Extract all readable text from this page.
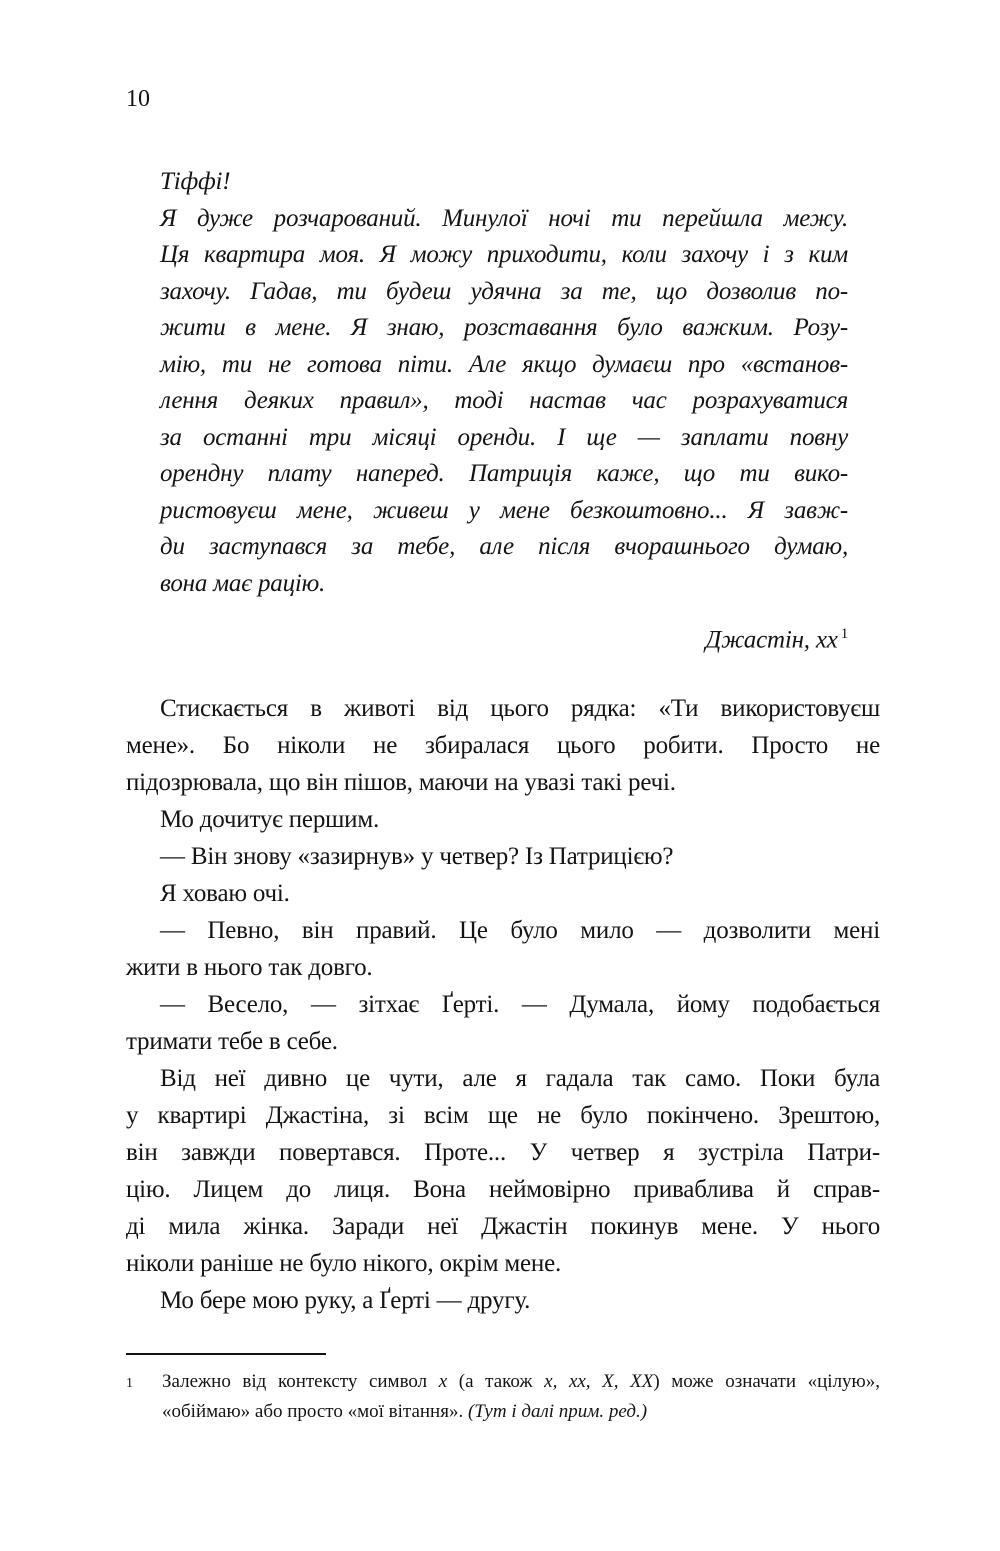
10
Тіффі!
Я дуже розчарований. Минулої ночі ти перейшла межу.
Ця квартира моя. Я можу приходити, коли захочу і з ким
захочу. Гадав, ти будеш удячна за те, що дозволив по-
жити в мене. Я знаю, розставання було важким. Розу-
мію, ти не готова піти. Але якщо думаєш про «встанов-
лення деяких правил», тоді настав час розрахуватися
за останні три місяці оренди. І ще — заплати повну
орендну плату наперед. Патриція каже, що ти вико-
ристовуєш мене, живеш у мене безкоштовно... Я завж-
ди заступався за тебе, але після вчорашнього думаю,
вона має рацію.
Джастін, хх $^1$
Стискається в животі від цього рядка: «Ти використовуєш
мене». Бо ніколи не збиралася цього робити. Просто не
підозрювала, що він пішов, маючи на увазі такі речі.
Мо дочитує першим.
— Він знову «зазирнув» у четвер? Із Патрицією?
Я ховаю очі.
— Певно, він правий. Це було мило — дозволити мені
жити в нього так довго.
— Весело, — зітхає Ґерті. — Думала, йому подобається
тримати тебе в себе.
Від неї дивно це чути, але я гадала так само. Поки була
у квартирі Джастіна, зі всім ще не було покінчено. Зрештою,
він завжди повертався. Проте... У четвер я зустріла Патри-
цію. Лицем до лиця. Вона неймовірно приваблива й справ-
ді мила жінка. Заради неї Джастін покинув мене. У нього
ніколи раніше не було нікого, окрім мене.
Мо бере мою руку, а Ґерті — другу.
1	Залежно від контексту символ х (а також х, хх, Х, ХХ) може означати «цілую»,
«обіймаю» або просто «мої вітання». (Тут і далі прим. ред.)
